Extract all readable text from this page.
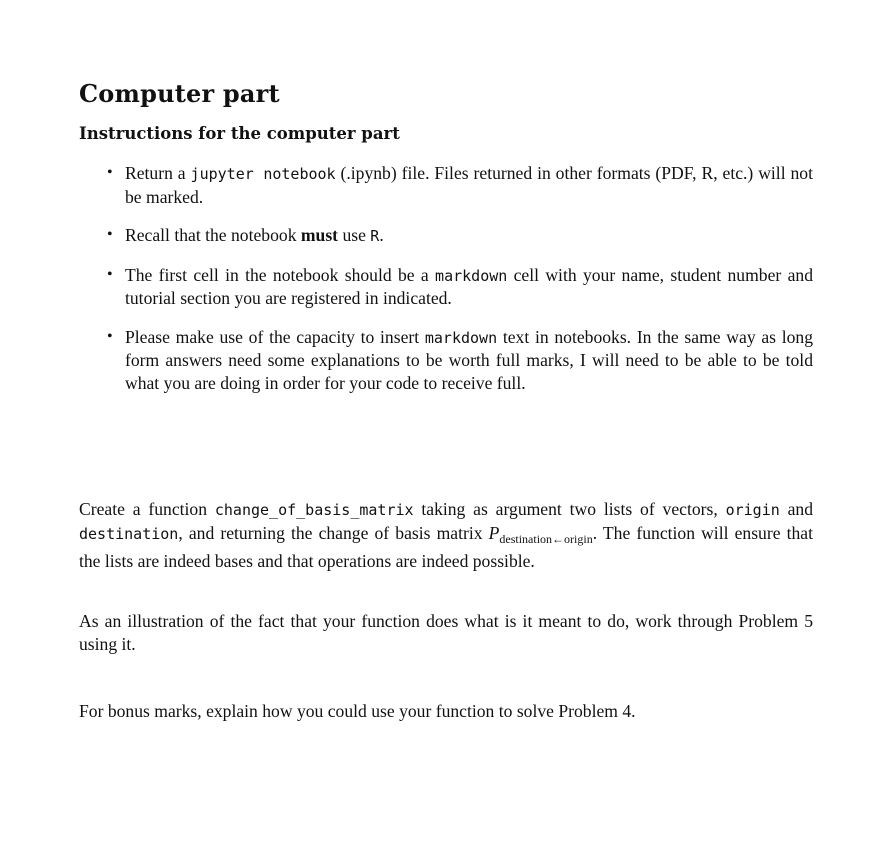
Computer part
Instructions for the computer part
• Return a jupyter notebook (.ipynb) file. Files returned in other formats (PDF, R, etc.) will not be marked.
• Recall that the notebook must use R.
• The first cell in the notebook should be a markdown cell with your name, student number and tutorial section you are registered in indicated.
• Please make use of the capacity to insert markdown text in notebooks. In the same way as long form answers need some explanations to be worth full marks, I will need to be able to be told what you are doing in order for your code to receive full.

Create a function change_of_basis_matrix taking as argument two lists of vectors, origin and destination, and returning the change of basis matrix $P_{destination\leftarrow origin}$. The function will ensure that the lists are indeed bases and that operations are indeed possible.

As an illustration of the fact that your function does what is it meant to do, work through Problem 5 using it.

For bonus marks, explain how you could use your function to solve Problem 4.
